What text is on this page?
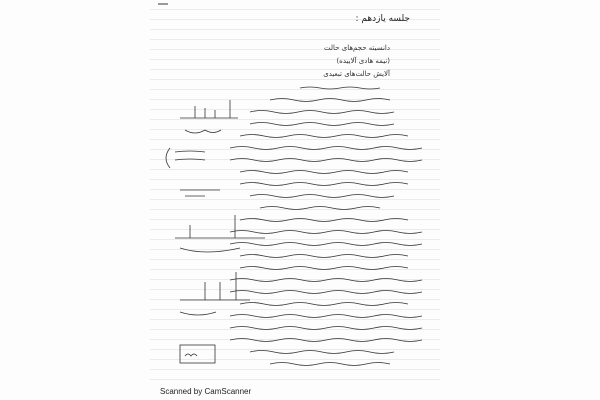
جلسه یازدهم :
دانسیته حجم‌های حالت
(نیمه هادی آلاییده)
آلایش حالت‌های تبعیدی
Scanned by CamScanner
